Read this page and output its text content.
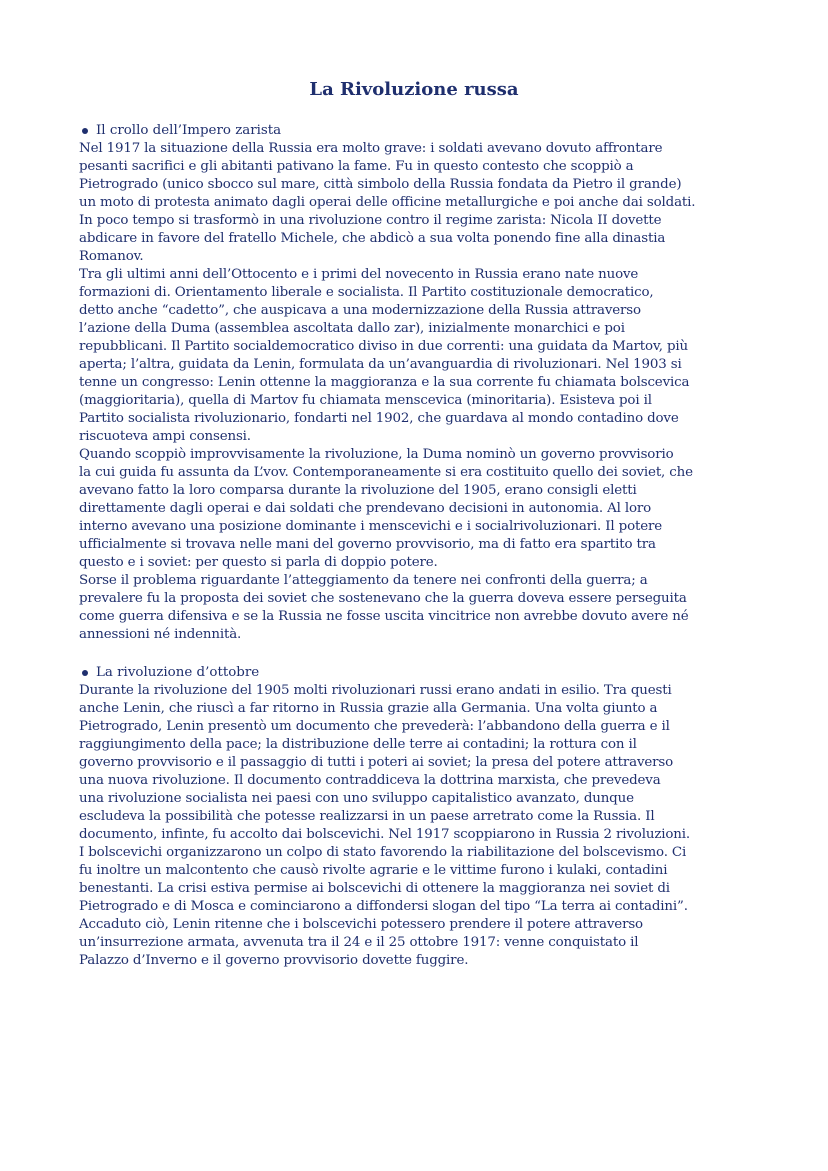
La Rivoluzione russa
Il crollo dell’Impero zarista
Nel 1917 la situazione della Russia era molto grave: i soldati avevano dovuto affrontare
pesanti sacrifici e gli abitanti pativano la fame. Fu in questo contesto che scoppiò a
Pietrogrado (unico sbocco sul mare, città simbolo della Russia fondata da Pietro il grande)
un moto di protesta animato dagli operai delle officine metallurgiche e poi anche dai soldati.
In poco tempo si trasformò in una rivoluzione contro il regime zarista: Nicola II dovette
abdicare in favore del fratello Michele, che abdicò a sua volta ponendo fine alla dinastia
Romanov.
Tra gli ultimi anni dell’Ottocento e i primi del novecento in Russia erano nate nuove
formazioni di. Orientamento liberale e socialista. Il Partito costituzionale democratico,
detto anche “cadetto”, che auspicava a una modernizzazione della Russia attraverso
l’azione della Duma (assemblea ascoltata dallo zar), inizialmente monarchici e poi
repubblicani. Il Partito socialdemocratico diviso in due correnti: una guidata da Martov, più
aperta; l’altra, guidata da Lenin, formulata da un’avanguardia di rivoluzionari. Nel 1903 si
tenne un congresso: Lenin ottenne la maggioranza e la sua corrente fu chiamata bolscevica
(maggioritaria), quella di Martov fu chiamata menscevica (minoritaria). Esisteva poi il
Partito socialista rivoluzionario, fondarti nel 1902, che guardava al mondo contadino dove
riscuoteva ampi consensi.
Quando scoppiò improvvisamente la rivoluzione, la Duma nominò un governo provvisorio
la cui guida fu assunta da L’vov. Contemporaneamente si era costituito quello dei soviet, che
avevano fatto la loro comparsa durante la rivoluzione del 1905, erano consigli eletti
direttamente dagli operai e dai soldati che prendevano decisioni in autonomia. Al loro
interno avevano una posizione dominante i menscevichi e i socialrivoluzionari. Il potere
ufficialmente si trovava nelle mani del governo provvisorio, ma di fatto era spartito tra
questo e i soviet: per questo si parla di doppio potere.
Sorse il problema riguardante l’atteggiamento da tenere nei confronti della guerra; a
prevalere fu la proposta dei soviet che sostenevano che la guerra doveva essere perseguita
come guerra difensiva e se la Russia ne fosse uscita vincitrice non avrebbe dovuto avere né
annessioni né indennità.
La rivoluzione d’ottobre
Durante la rivoluzione del 1905 molti rivoluzionari russi erano andati in esilio. Tra questi
anche Lenin, che riuscì a far ritorno in Russia grazie alla Germania. Una volta giunto a
Pietrogrado, Lenin presentò um documento che prevederà: l’abbandono della guerra e il
raggiungimento della pace; la distribuzione delle terre ai contadini; la rottura con il
governo provvisorio e il passaggio di tutti i poteri ai soviet; la presa del potere attraverso
una nuova rivoluzione. Il documento contraddiceva la dottrina marxista, che prevedeva
una rivoluzione socialista nei paesi con uno sviluppo capitalistico avanzato, dunque
escludeva la possibilità che potesse realizzarsi in un paese arretrato come la Russia. Il
documento, infinte, fu accolto dai bolscevichi. Nel 1917 scoppiarono in Russia 2 rivoluzioni.
I bolscevichi organizzarono un colpo di stato favorendo la riabilitazione del bolscevismo. Ci
fu inoltre un malcontento che causò rivolte agrarie e le vittime furono i kulaki, contadini
benestanti. La crisi estiva permise ai bolscevichi di ottenere la maggioranza nei soviet di
Pietrogrado e di Mosca e cominciarono a diffondersi slogan del tipo “La terra ai contadini”.
Accaduto ciò, Lenin ritenne che i bolscevichi potessero prendere il potere attraverso
un’insurrezione armata, avvenuta tra il 24 e il 25 ottobre 1917: venne conquistato il
Palazzo d’Inverno e il governo provvisorio dovette fuggire.
